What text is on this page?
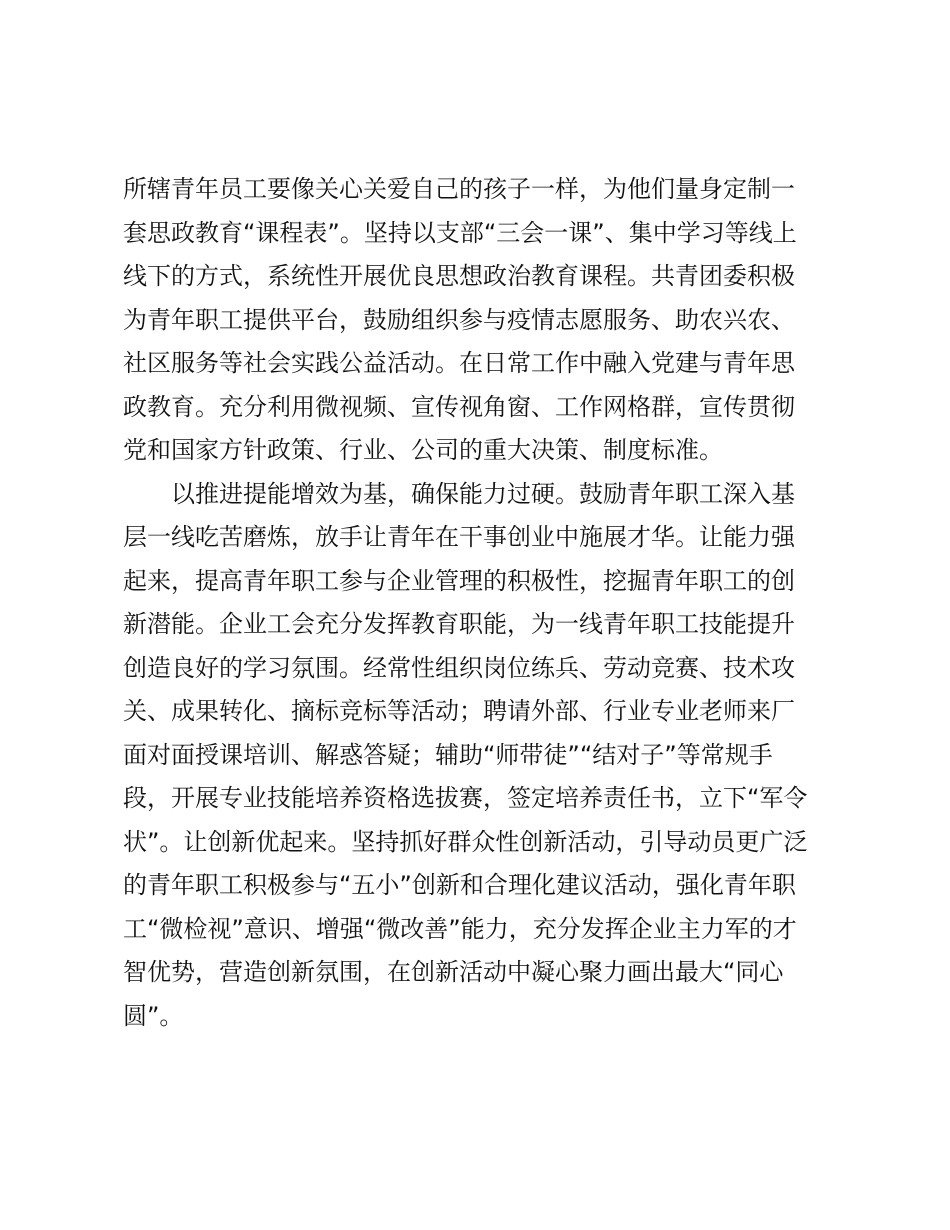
所辖青年员工要像关心关爱自己的孩子一样，为他们量身定制一
套思政教育“课程表”。坚持以支部“三会一课”、集中学习等线上
线下的方式，系统性开展优良思想政治教育课程。共青团委积极
为青年职工提供平台，鼓励组织参与疫情志愿服务、助农兴农、
社区服务等社会实践公益活动。在日常工作中融入党建与青年思
政教育。充分利用微视频、宣传视角窗、工作网格群，宣传贯彻
党和国家方针政策、行业、公司的重大决策、制度标准。
以推进提能增效为基，确保能力过硬。鼓励青年职工深入基
层一线吃苦磨炼，放手让青年在干事创业中施展才华。让能力强
起来，提高青年职工参与企业管理的积极性，挖掘青年职工的创
新潜能。企业工会充分发挥教育职能，为一线青年职工技能提升
创造良好的学习氛围。经常性组织岗位练兵、劳动竞赛、技术攻
关、成果转化、摘标竞标等活动；聘请外部、行业专业老师来厂
面对面授课培训、解惑答疑；辅助“师带徒”“结对子”等常规手
段，开展专业技能培养资格选拔赛，签定培养责任书，立下“军令
状”。让创新优起来。坚持抓好群众性创新活动，引导动员更广泛
的青年职工积极参与“五小”创新和合理化建议活动，强化青年职
工“微检视”意识、增强“微改善”能力，充分发挥企业主力军的才
智优势，营造创新氛围，在创新活动中凝心聚力画出最大“同心
圆”。
